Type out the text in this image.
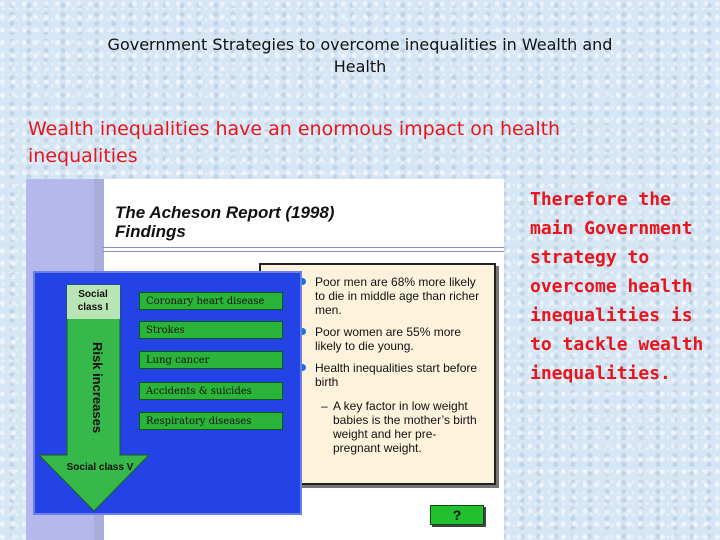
Government Strategies to overcome inequalities in Wealth and Health
Wealth inequalities have an enormous impact on health inequalities
Therefore the main Government strategy to overcome health inequalities is to tackle wealth inequalities.
The Acheson Report (1998)
Findings
Poor men are 68% more likely to die in middle age than richer men.
Poor women are 55% more likely to die young.
Health inequalities start before birth
– A key factor in low weight babies is the mother’s birth weight and her pre-pregnant weight.
Social class I
Risk increases
Social class V
Coronary heart disease
Strokes
Lung cancer
Accidents & suicides
Respiratory diseases
?
